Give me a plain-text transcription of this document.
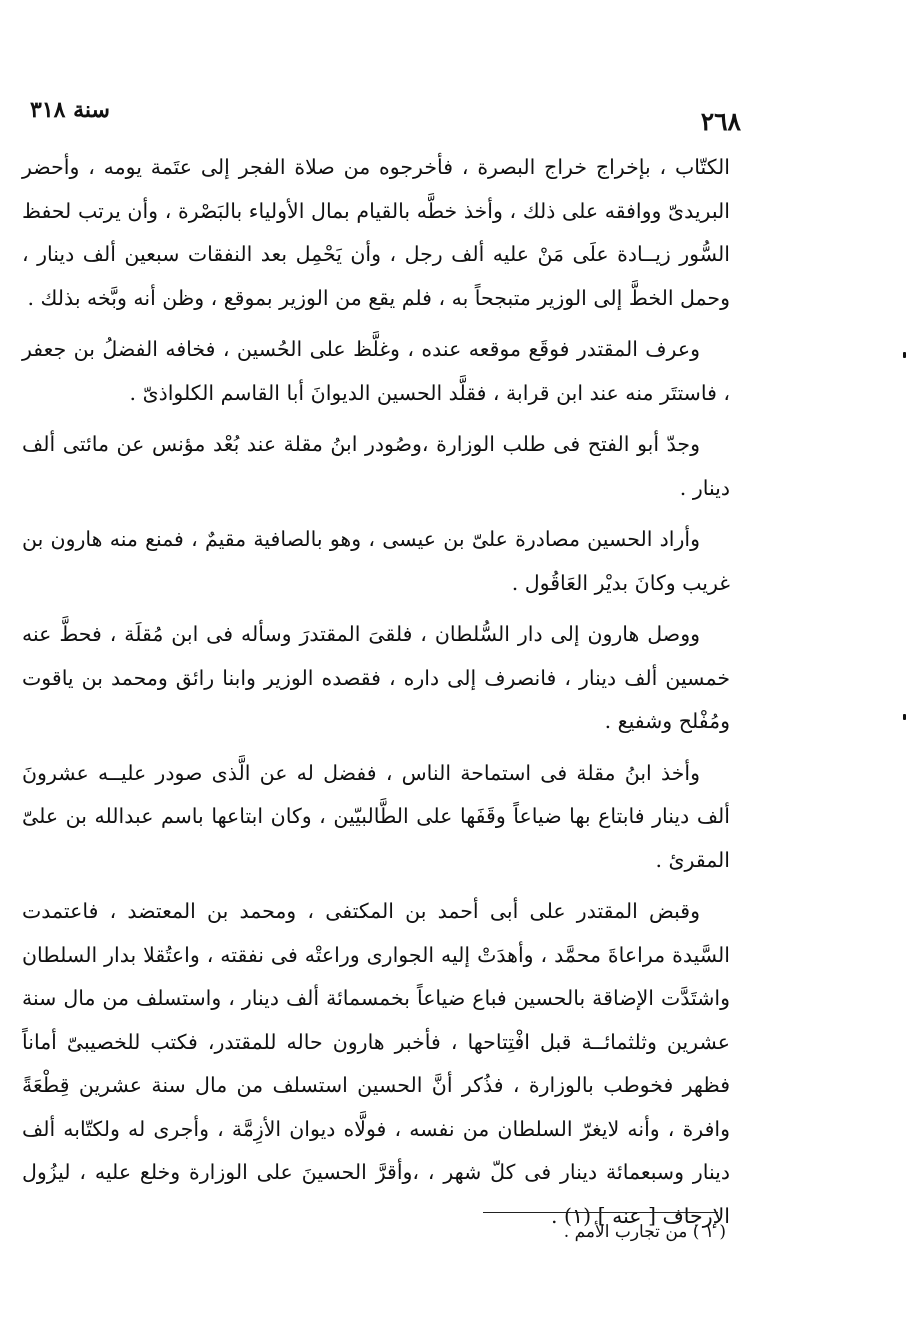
٢٦٨
سنة ٣١٨

الكتّاب ، بإخراج خراج البصرة ، فأخرجوه من صلاة الفجر إلى عتَمة يومه ، وأحضر البريدىّ ووافقه على ذلك ، وأخذ خطَّه بالقيام بمال الأولياء بالبَصْرة ، وأن يرتب لحفظ السُّور زيــادة علَى مَنْ عليه ألف رجل ، وأن يَحْمِل بعد النفقات سبعين ألف دينار ، وحمل الخطَّ إلى الوزير متبجحاً به ، فلم يقع من الوزير بموقع ، وظن أنه وبَّخه بذلك .

وعرف المقتدر فوقَع موقعه عنده ، وغلَّظ على الحُسين ، فخافه الفضلُ بن جعفر ، فاستتَر منه عند ابن قرابة ، فقلَّد الحسين الديوانَ أبا القاسم الكلواذىّ .

وجدّ أبو الفتح فى طلب الوزارة ،وصُودر ابنُ مقلة عند بُعْد مؤنس عن مائتى ألف دينار .

وأراد الحسين مصادرة علىّ بن عيسى ، وهو بالصافية مقيمٌ ، فمنع منه هارون بن غريب وكانَ بديْر العَاقُول .

ووصل هارون إلى دار السُّلطان ، فلقىَ المقتدرَ وسأله فى ابن مُقلَة ، فحطَّ عنه خمسين ألف دينار ، فانصرف إلى داره ، فقصده الوزير وابنا رائق ومحمد بن ياقوت ومُفْلح وشفيع .

وأخذ ابنُ مقلة فى استماحة الناس ، ففضل له عن الَّذى صودر عليــه عشرونَ ألف دينار فابتاع بها ضياعاً وقَفَها على الطَّالبيّين ، وكان ابتاعها باسم عبدالله بن علىّ المقرئ .

وقبض المقتدر على أبى أحمد بن المكتفى ، ومحمد بن المعتضد ، فاعتمدت السَّيدة مراعاةَ محمَّد ، وأهدَتْ إليه الجوارى وراعتْه فى نفقته ، واعتُقلا بدار السلطان واشتَدَّت الإضاقة بالحسين فباع ضياعاً بخمسمائة ألف دينار ، واستسلف من مال سنة عشرين وثلثمائــة قبل افْتِتاحها ، فأخبر هارون حاله للمقتدر، فكتب للخصيبىّ أماناً فظهر فخوطب بالوزارة ، فذُكر أنَّ الحسين استسلف من مال سنة عشرين قِطْعَةً وافرة ، وأنه لايغرّ السلطان من نفسه ، فولَّاه ديوان الأزِمَّة ، وأجرى له ولكتّابه ألف دينار وسبعمائة دينار فى كلّ شهر ، ،وأقرَّ الحسينَ على الوزارة وخلع عليه ، ليزُول الإرجاف [ عنه ] (١) .

( ١ ) من تجارب الأمم .
